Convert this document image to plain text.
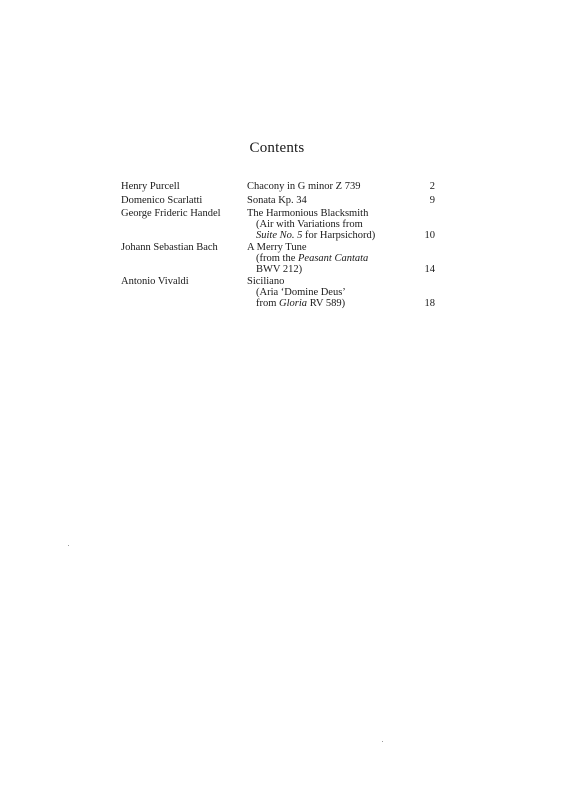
Contents
Henry Purcell	Chacony in G minor Z 739	2
Domenico Scarlatti	Sonata Kp. 34	9
George Frideric Handel	The Harmonious Blacksmith
(Air with Variations from
Suite No. 5 for Harpsichord)	10
Johann Sebastian Bach	A Merry Tune
(from the Peasant Cantata
BWV 212)	14
Antonio Vivaldi	Siciliano
(Aria ‘Domine Deus’
from Gloria RV 589)	18
